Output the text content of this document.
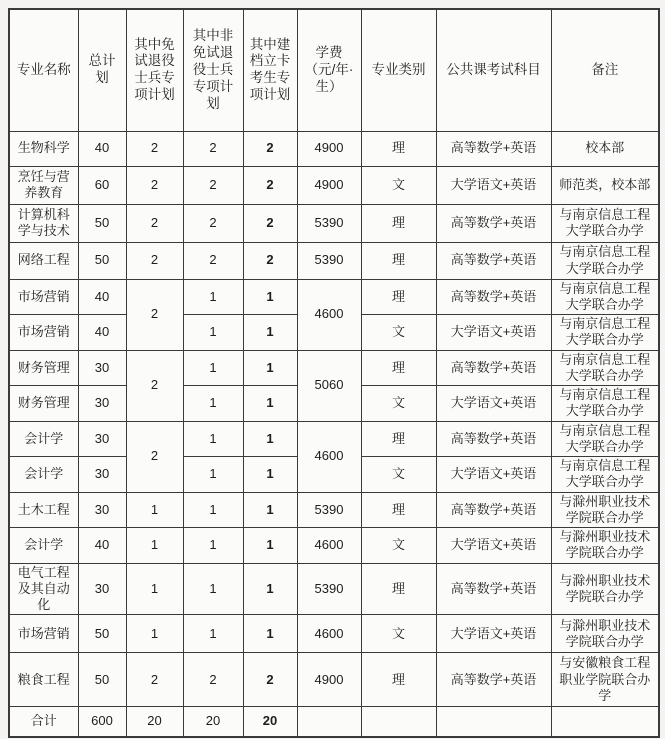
专业名称	总计划	其中免试退役士兵专项计划	其中非免试退役士兵专项计划	其中建档立卡考生专项计划	学费（元/年·生）	专业类别	公共课考试科目	备注
生物科学	40	2	2	2	4900	理	高等数学+英语	校本部
烹饪与营养教育	60	2	2	2	4900	文	大学语文+英语	师范类，校本部
计算机科学与技术	50	2	2	2	5390	理	高等数学+英语	与南京信息工程大学联合办学
网络工程	50	2	2	2	5390	理	高等数学+英语	与南京信息工程大学联合办学
市场营销	40	2	1	1	4600	理	高等数学+英语	与南京信息工程大学联合办学
市场营销	40		1	1		文	大学语文+英语	与南京信息工程大学联合办学
财务管理	30	2	1	1	5060	理	高等数学+英语	与南京信息工程大学联合办学
财务管理	30		1	1		文	大学语文+英语	与南京信息工程大学联合办学
会计学	30	2	1	1	4600	理	高等数学+英语	与南京信息工程大学联合办学
会计学	30		1	1		文	大学语文+英语	与南京信息工程大学联合办学
土木工程	30	1	1	1	5390	理	高等数学+英语	与滁州职业技术学院联合办学
会计学	40	1	1	1	4600	文	大学语文+英语	与滁州职业技术学院联合办学
电气工程及其自动化	30	1	1	1	5390	理	高等数学+英语	与滁州职业技术学院联合办学
市场营销	50	1	1	1	4600	文	大学语文+英语	与滁州职业技术学院联合办学
粮食工程	50	2	2	2	4900	理	高等数学+英语	与安徽粮食工程职业学院联合办学
合计	600	20	20	20				
